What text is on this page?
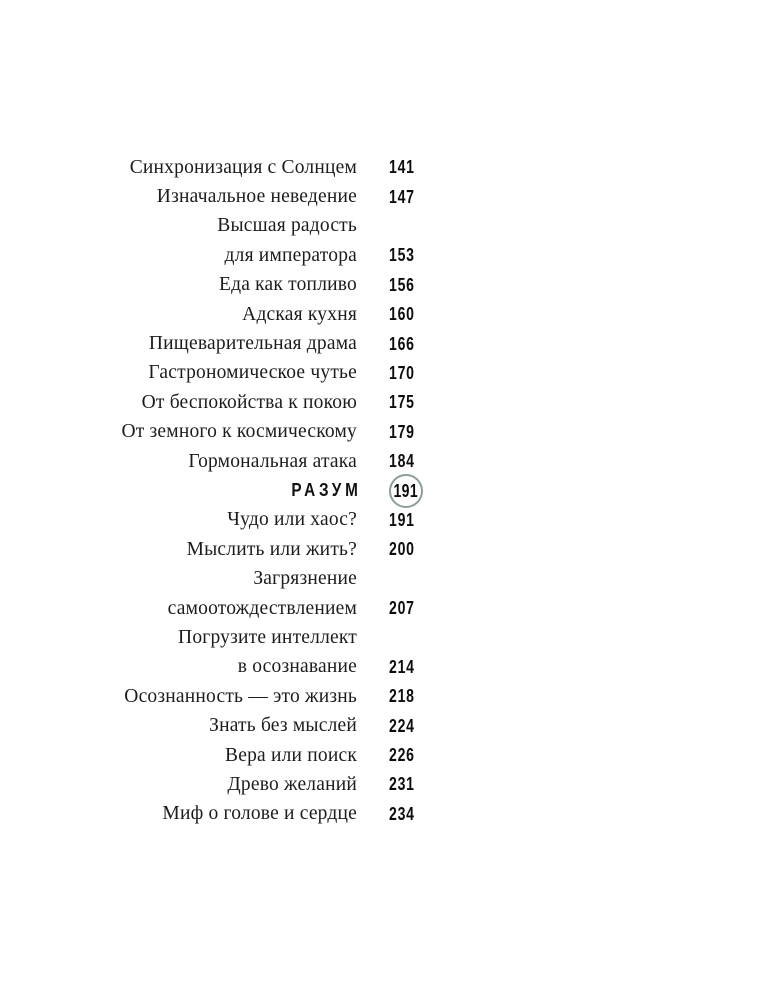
Синхронизация с Солнцем 141
Изначальное неведение 147
Высшая радость
для императора 153
Еда как топливо 156
Адская кухня 160
Пищеварительная драма 166
Гастрономическое чутье 170
От беспокойства к покою 175
От земного к космическому 179
Гормональная атака 184
РАЗУМ 191
Чудо или хаос? 191
Мыслить или жить? 200
Загрязнение
самоотождествлением 207
Погрузите интеллект
в осознавание 214
Осознанность — это жизнь 218
Знать без мыслей 224
Вера или поиск 226
Древо желаний 231
Миф о голове и сердце 234
